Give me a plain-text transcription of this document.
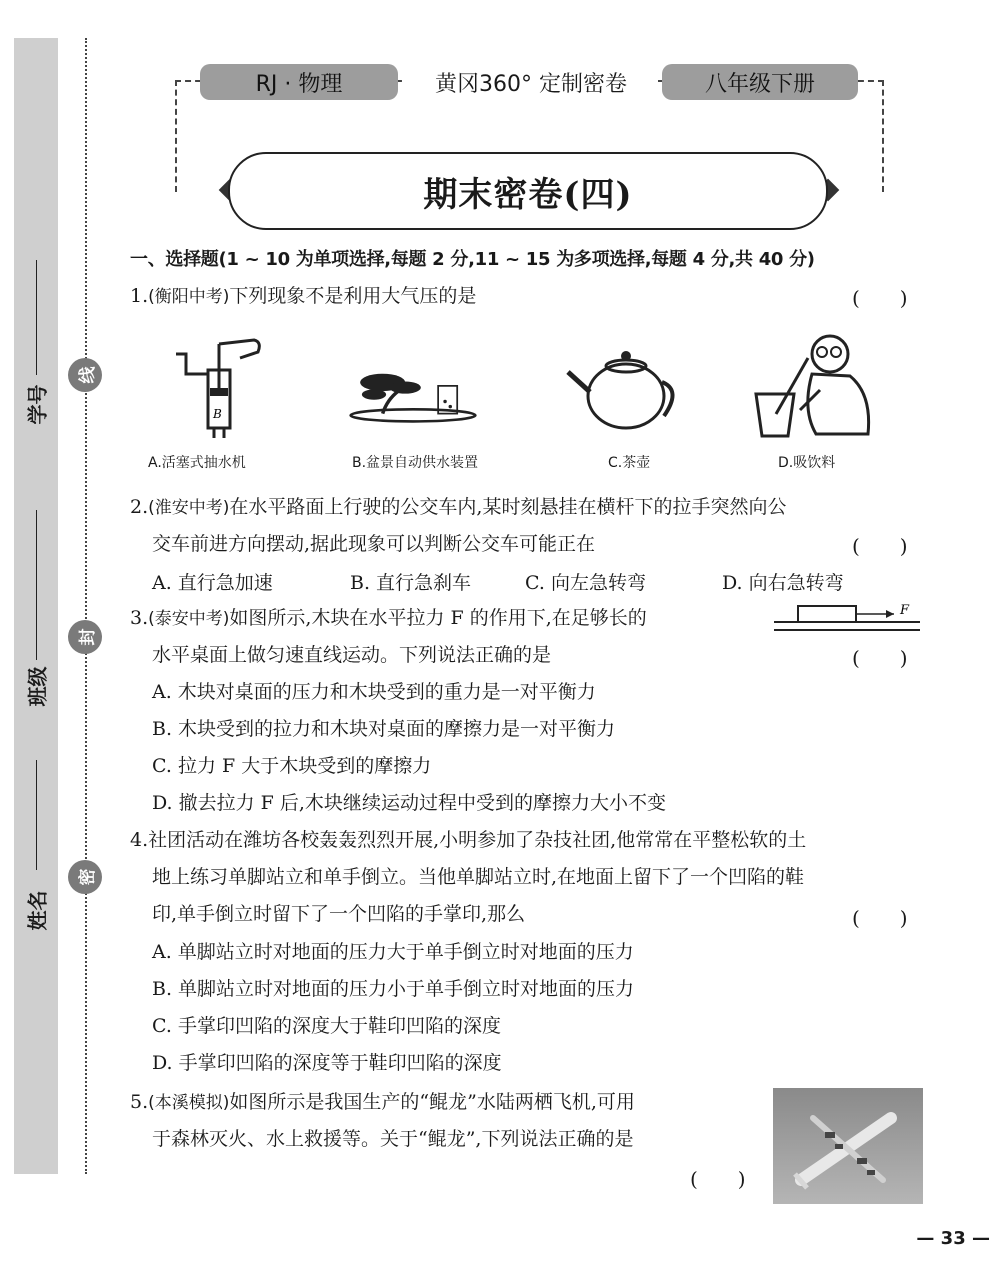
学号
班级
姓名
线
封
密
RJ · 物理	黄冈360° 定制密卷	八年级下册
期末密卷(四)
一、选择题(1 ~ 10 为单项选择,每题 2 分,11 ~ 15 为多项选择,每题 4 分,共 40 分)
1.(衡阳中考)下列现象不是利用大气压的是	(　　)
B
A.活塞式抽水机	B.盆景自动供水装置	C.茶壶	D.吸饮料
2.(淮安中考)在水平路面上行驶的公交车内,某时刻悬挂在横杆下的拉手突然向公
交车前进方向摆动,据此现象可以判断公交车可能正在	(　　)
A. 直行急加速	B. 直行急刹车	C. 向左急转弯	D. 向右急转弯
3.(泰安中考)如图所示,木块在水平拉力 F 的作用下,在足够长的	F
水平桌面上做匀速直线运动。下列说法正确的是	(　　)
A. 木块对桌面的压力和木块受到的重力是一对平衡力
B. 木块受到的拉力和木块对桌面的摩擦力是一对平衡力
C. 拉力 F 大于木块受到的摩擦力
D. 撤去拉力 F 后,木块继续运动过程中受到的摩擦力大小不变
4.社团活动在潍坊各校轰轰烈烈开展,小明参加了杂技社团,他常常在平整松软的土
地上练习单脚站立和单手倒立。当他单脚站立时,在地面上留下了一个凹陷的鞋
印,单手倒立时留下了一个凹陷的手掌印,那么	(　　)
A. 单脚站立时对地面的压力大于单手倒立时对地面的压力
B. 单脚站立时对地面的压力小于单手倒立时对地面的压力
C. 手掌印凹陷的深度大于鞋印凹陷的深度
D. 手掌印凹陷的深度等于鞋印凹陷的深度
5.(本溪模拟)如图所示是我国生产的“鲲龙”水陆两栖飞机,可用
于森林灭火、水上救援等。关于“鲲龙”,下列说法正确的是
(　　)
— 33 —
